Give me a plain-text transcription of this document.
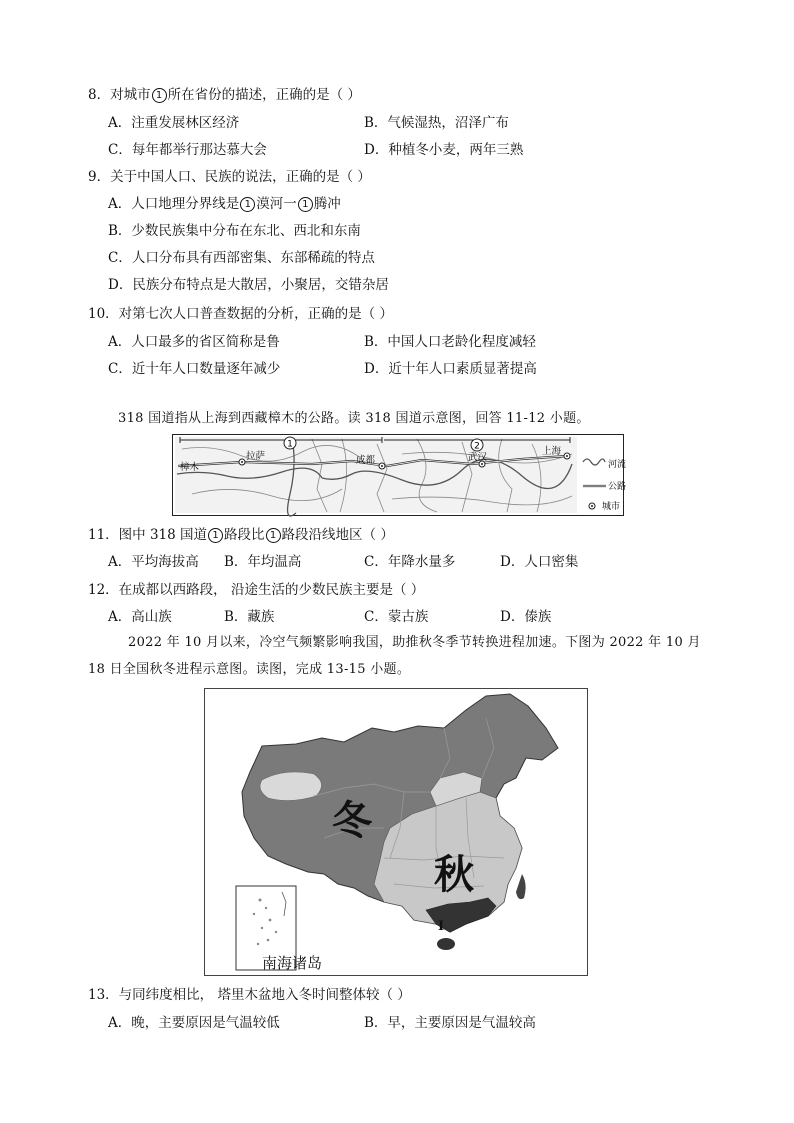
8．对城市 1 所在省份的描述，正确的是（ ）
A．注重发展林区经济	B．气候湿热，沼泽广布
C．每年都举行那达慕大会	D．种植冬小麦，两年三熟
9．关于中国人口、民族的说法，正确的是（ ）
A．人口地理分界线是 1 漠河一 1 腾冲
B．少数民族集中分布在东北、西北和东南
C．人口分布具有西部密集、东部稀疏的特点
D．民族分布特点是大散居，小聚居，交错杂居
10．对第七次人口普查数据的分析，正确的是（ ）
A．人口最多的省区简称是鲁	B．中国人口老龄化程度减轻
C．近十年人口数量逐年减少	D．近十年人口素质显著提高
318 国道指从上海到西藏樟木的公路。读 318 国道示意图，回答 11-12 小题。
1	2
樟木
拉萨	成都	武汉
上海
河流
公路
城市
11．图中 318 国道 1 路段比 1 路段沿线地区（ ）
A．平均海拔高 B．年均温高	C．年降水量多	D．人口密集
12．在成都以西路段， 沿途生活的少数民族主要是（ ）
A．高山族	B．藏族	C．蒙古族	D．傣族
2022 年 10 月以来，冷空气频繁影响我国，助推秋冬季节转换进程加速。下图为 2022 年 10 月
18 日全国秋冬进程示意图。读图，完成 13-15 小题。
南海诸岛
冬
秋
I
13．与同纬度相比， 塔里木盆地入冬时间整体较（ ）
A．晚，主要原因是气温较低	B．早，主要原因是气温较高
